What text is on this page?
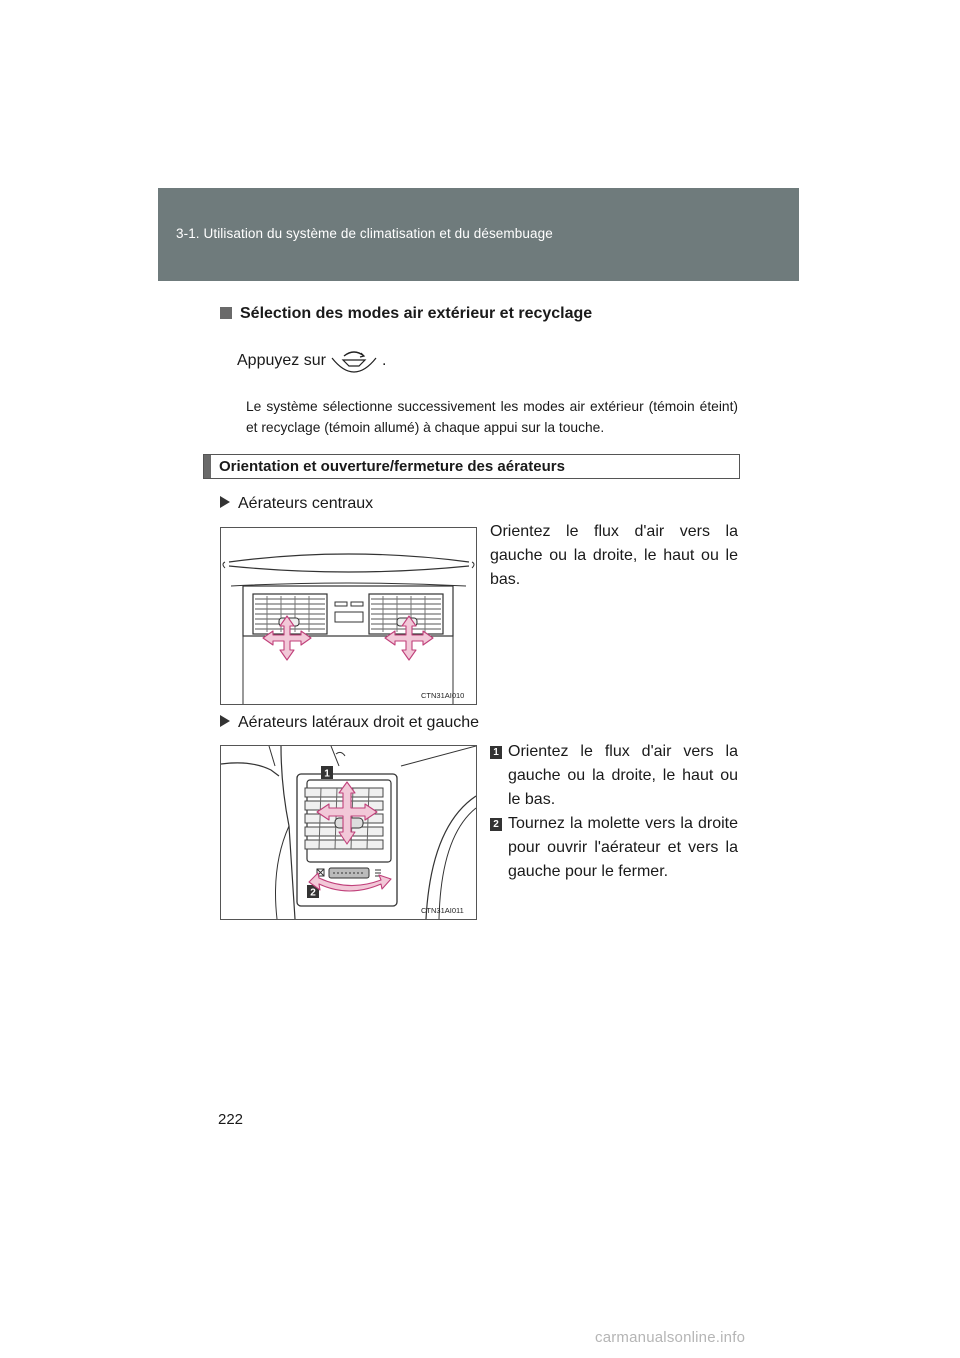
3-1. Utilisation du système de climatisation et du désembuage
Sélection des modes air extérieur et recyclage
Appuyez sur	.
Le système sélectionne successivement les modes air extérieur (témoin éteint) et recyclage (témoin allumé) à chaque appui sur la touche.
Orientation et ouverture/fermeture des aérateurs
Aérateurs centraux
Orientez le flux d'air vers la gauche ou la droite, le haut ou le bas.
CTN31AI010
Aérateurs latéraux droit et gauche
1 Orientez le flux d'air vers la gauche ou la droite, le haut ou le bas.
2 Tournez la molette vers la droite pour ouvrir l'aérateur et vers la gauche pour le fermer.
1
2
CTN31AI011
222
carmanualsonline.info
